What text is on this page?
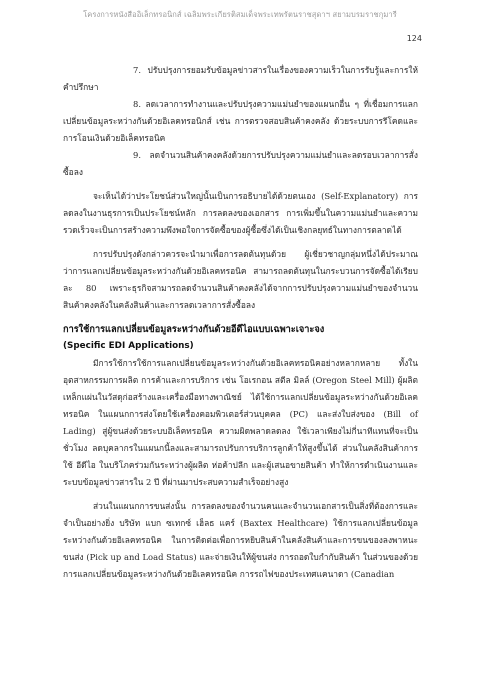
โครงการหนังสืออิเล็กทรอนิกส์ เฉลิมพระเกียรติสมเด็จพระเทพรัตนราชสุดาฯ สยามบรมราชกุมารี
124

7. ปรับปรุงการยอมรับข้อมูลข่าวสารในเรื่องของความเร็วในการรับรู้และการให้คำปรึกษา

8. ลดเวลาการทำงานและปรับปรุงความแม่นยำของแผนกอื่น ๆ ที่เชื่อมการแลกเปลี่ยนข้อมูลระหว่างกันด้วยอิเลคทรอนิกส์ เช่น การตรวจสอบสินค้าคงคลัง ด้วยระบบการรีโคดและการโอนเงินด้วยอิเล็คทรอนิค

9. ลดจำนวนสินค้าคงคลังด้วยการปรับปรุงความแม่นยำและลดรอบเวลาการสั่งซื้อลง

จะเห็นได้ว่าประโยชน์ส่วนใหญ่นั้นเป็นการอธิบายได้ด้วยตนเอง (Self-Explanatory) การลดลงในงานธุรการเป็นประโยชน์หลัก การลดลงของเอกสาร การเพิ่มขึ้นในความแม่นยำและความรวดเร็วจะเป็นการสร้างความพึงพอใจการจัดซื้อของผู้ซื้อซึ่งได้เป็นเชิงกลยุทธ์ในทางการตลาดได้

การปรับปรุงดังกล่าวควรจะนำมาเพื่อการลดต้นทุนด้วย ผู้เชี่ยวชาญกลุ่มหนึ่งได้ประมาณว่าการแลกเปลี่ยนข้อมูลระหว่างกันด้วยอิเลคทรอนิค สามารถลดต้นทุนในกระบวนการจัดซื้อได้เรียบละ 80 เพราะธุรกิจสามารถลดจำนวนสินค้าคงคลังได้จากการปรับปรุงความแม่นยำของจำนวนสินค้าคงคลังในคลังสินค้าและการลดเวลาการสั่งซื้อลง

การใช้การแลกเปลี่ยนข้อมูลระหว่างกันด้วยอีดีไอแบบเฉพาะเจาะจง

(Specific EDI Applications)

มีการใช้การใช้การแลกเปลี่ยนข้อมูลระหว่างกันด้วยอิเลคทรอนิคอย่างหลากหลาย ทั้งในอุตสาหกรรมการผลิต การค้าและการบริการ เช่น โอเรกอน สตีล มิลล์ (Oregon Steel Mill) ผู้ผลิตเหล็กแผ่นในวัสดุก่อสร้างและเครื่องมือทางพาณิชย์ ได้ใช้การแลกเปลี่ยนข้อมูลระหว่างกันด้วยอิเลคทรอนิค ในแผนกการส่งโดยใช้เครื่องคอมพิวเตอร์ส่วนบุคคล (PC) และส่งใบส่งของ (Bill of Lading) สู่ผู้ขนส่งด้วยระบบอิเล็คทรอนิค ความผิดพลาดลดลง ใช้เวลาเพียงไม่กี่นาทีแทนที่จะเป็นชั่วโมง ลดบุคลากรในแผนกนี้ลงและสามารถปรับการบริการลูกค้าให้สูงขึ้นได้ ส่วนในคลังสินค้าการใช้ อีดีไอ ในบริโภคร่วมกันระหว่างผู้ผลิต ห่อค้าปลีก และผู้เสนอขายสินค้า ทำให้การดำเนินงานและระบบข้อมูลข่าวสารใน 2 ปี ที่ผ่านมาประสบความสำเร็จอย่างสูง

ส่วนในแผนกการขนส่งนั้น การลดลงของจำนวนคนและจำนวนเอกสารเป็นสิ่งที่ต้องการและจำเป็นอย่างยิ่ง บริษัท แบก ซเทกซ์ เฮ็ลธ แคร์ (Baxtex Healthcare) ใช้การแลกเปลี่ยนข้อมูลระหว่างกันด้วยอิเลคทรอนิค ในการติดต่อเพื่อการหยิบสินค้าในคลังสินค้าและการขนของลงพาหนะขนส่ง (Pick up and Load Status) และจ่ายเงินให้ผู้ขนส่ง การถอดใบกำกับสินค้า ในส่วนของด้วยการแลกเปลี่ยนข้อมูลระหว่างกันด้วยอิเลคทรอนิค การรถไฟของประเทศแคนาดา (Canadian
